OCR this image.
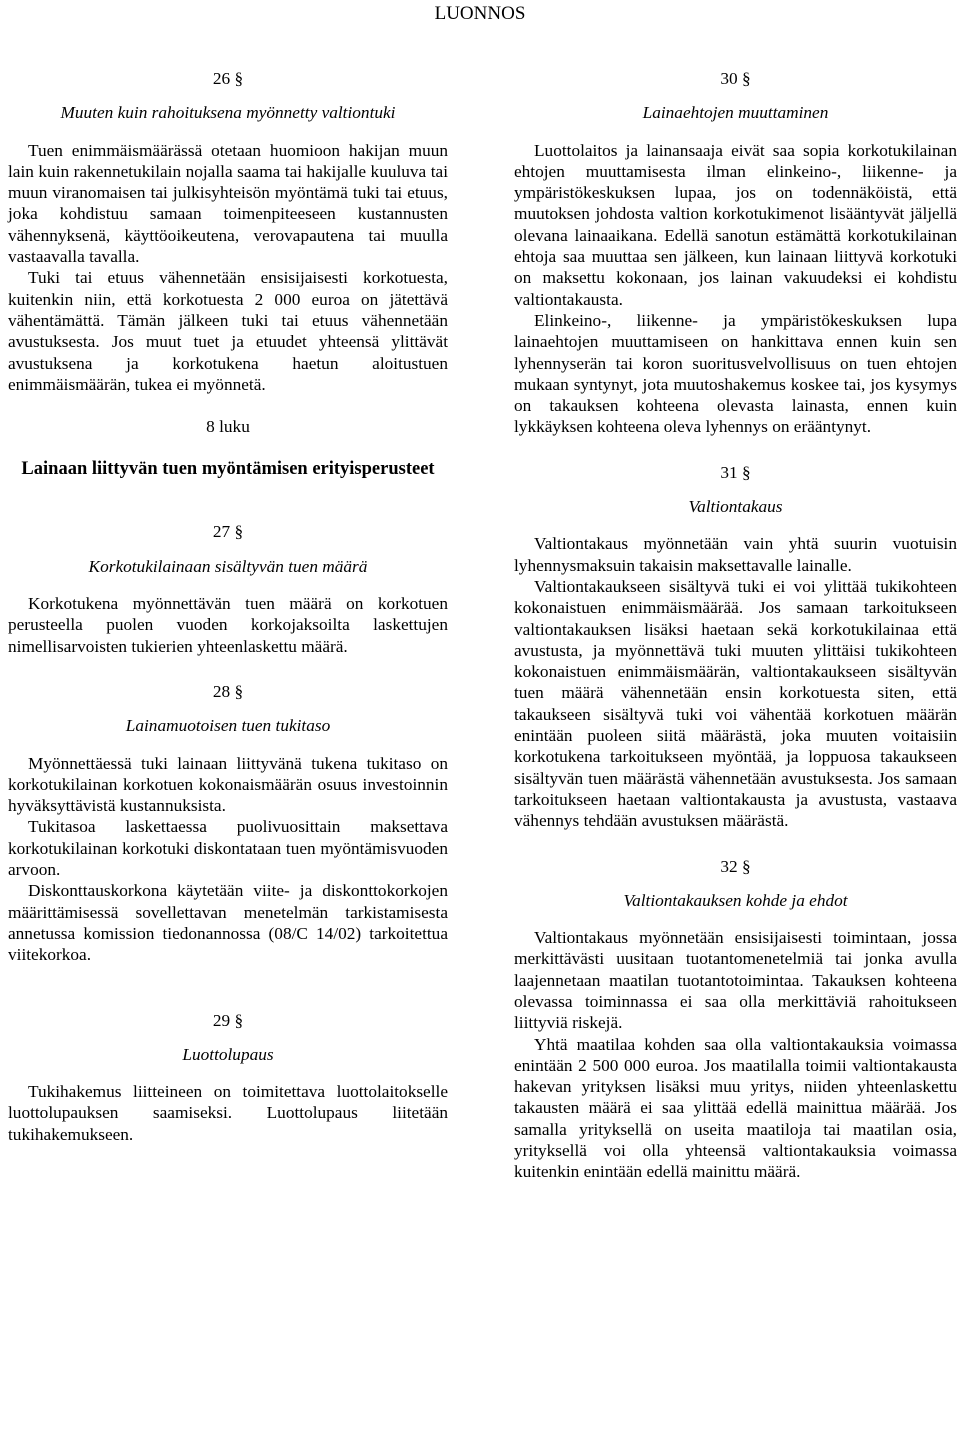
LUONNOS

26 §

Muuten kuin rahoituksena myönnetty valtiontuki

Tuen enimmäismäärässä otetaan huomioon hakijan muun lain kuin rakennetukilain nojalla saama tai hakijalle kuuluva tai muun viranomaisen tai julkisyhteisön myöntämä tuki tai etuus, joka kohdistuu samaan toimenpiteeseen kustannusten vähennyksenä, käyttöoikeutena, verovapautena tai muulla vastaavalla tavalla.

Tuki tai etuus vähennetään ensisijaisesti korkotuesta, kuitenkin niin, että korkotuesta 2 000 euroa on jätettävä vähentämättä. Tämän jälkeen tuki tai etuus vähennetään avustuksesta. Jos muut tuet ja etuudet yhteensä ylittävät avustuksena ja korkotukena haetun aloitustuen enimmäismäärän, tukea ei myönnetä.

8 luku

Lainaan liittyvän tuen myöntämisen erityisperusteet

27 §

Korkotukilainaan sisältyvän tuen määrä

Korkotukena myönnettävän tuen määrä on korkotuen perusteella puolen vuoden korkojaksoilta laskettujen nimellisarvoisten tukierien yhteenlaskettu määrä.

28 §

Lainamuotoisen tuen tukitaso

Myönnettäessä tuki lainaan liittyvänä tukena tukitaso on korkotukilainan korkotuen kokonaismäärän osuus investoinnin hyväksyttävistä kustannuksista.

Tukitasoa laskettaessa puolivuosittain maksettava korkotukilainan korkotuki diskontataan tuen myöntämisvuoden arvoon.

Diskonttauskorkona käytetään viite- ja diskonttokorkojen määrittämisessä sovellettavan menetelmän tarkistamisesta annetussa komission tiedonannossa (08/C 14/02) tarkoitettua viitekorkoa.

29 §

Luottolupaus

Tukihakemus liitteineen on toimitettava luottolaitokselle luottolupauksen saamiseksi. Luottolupaus liitetään tukihakemukseen.

30 §

Lainaehtojen muuttaminen

Luottolaitos ja lainansaaja eivät saa sopia korkotukilainan ehtojen muuttamisesta ilman elinkeino-, liikenne- ja ympäristökeskuksen lupaa, jos on todennäköistä, että muutoksen johdosta valtion korkotukimenot lisääntyvät jäljellä olevana lainaaikana. Edellä sanotun estämättä korkotukilainan ehtoja saa muuttaa sen jälkeen, kun lainaan liittyvä korkotuki on maksettu kokonaan, jos lainan vakuudeksi ei kohdistu valtiontakausta.

Elinkeino-, liikenne- ja ympäristökeskuksen lupa lainaehtojen muuttamiseen on hankittava ennen kuin sen lyhennyserän tai koron suoritusvelvollisuus on tuen ehtojen mukaan syntynyt, jota muutoshakemus koskee tai, jos kysymys on takauksen kohteena olevasta lainasta, ennen kuin lykkäyksen kohteena oleva lyhennys on erääntynyt.

31 §

Valtiontakaus

Valtiontakaus myönnetään vain yhtä suurin vuotuisin lyhennysmaksuin takaisin maksettavalle lainalle.

Valtiontakaukseen sisältyvä tuki ei voi ylittää tukikohteen kokonaistuen enimmäismäärää. Jos samaan tarkoitukseen valtiontakauksen lisäksi haetaan sekä korkotukilainaa että avustusta, ja myönnettävä tuki muuten ylittäisi tukikohteen kokonaistuen enimmäismäärän, valtiontakaukseen sisältyvän tuen määrä vähennetään ensin korkotuesta siten, että takaukseen sisältyvä tuki voi vähentää korkotuen määrän enintään puoleen siitä määrästä, joka muuten voitaisiin korkotukena tarkoitukseen myöntää, ja loppuosa takaukseen sisältyvän tuen määrästä vähennetään avustuksesta. Jos samaan tarkoitukseen haetaan valtiontakausta ja avustusta, vastaava vähennys tehdään avustuksen määrästä.

32 §

Valtiontakauksen kohde ja ehdot

Valtiontakaus myönnetään ensisijaisesti toimintaan, jossa merkittävästi uusitaan tuotantomenetelmiä tai jonka avulla laajennetaan maatilan tuotantotoimintaa. Takauksen kohteena olevassa toiminnassa ei saa olla merkittäviä rahoitukseen liittyviä riskejä.

Yhtä maatilaa kohden saa olla valtiontakauksia voimassa enintään 2 500 000 euroa. Jos maatilalla toimii valtiontakausta hakevan yrityksen lisäksi muu yritys, niiden yhteenlaskettu takausten määrä ei saa ylittää edellä mainittua määrää. Jos samalla yrityksellä on useita maatiloja tai maatilan osia, yrityksellä voi olla yhteensä valtiontakauksia voimassa kuitenkin enintään edellä mainittu määrä.
